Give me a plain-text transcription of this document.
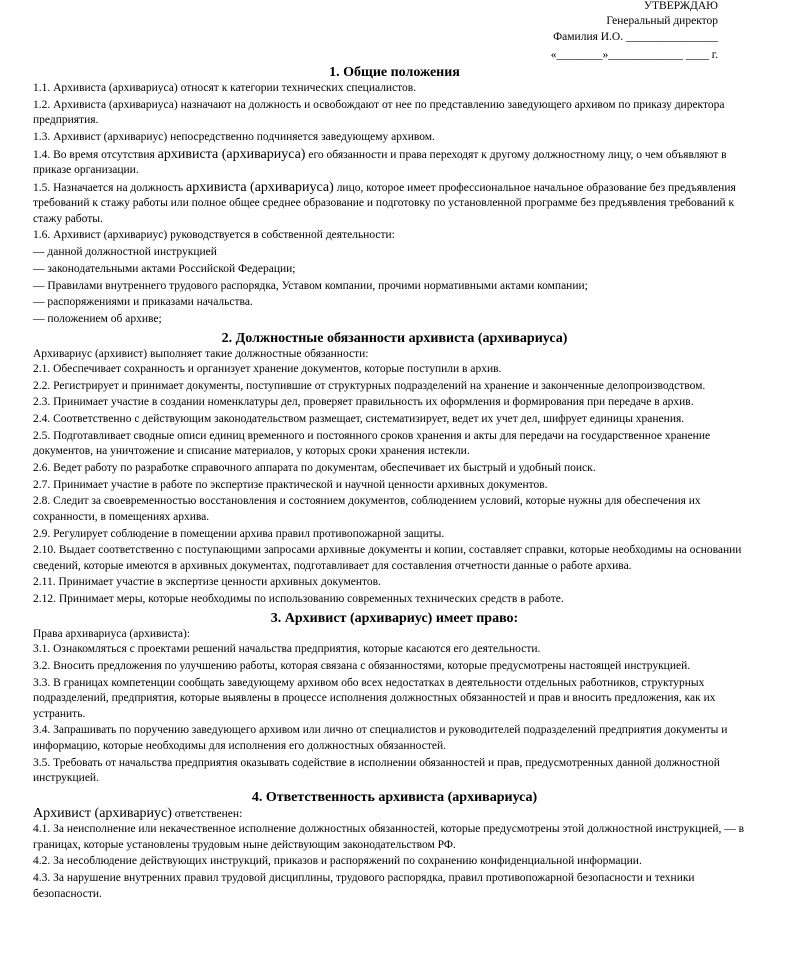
УТВЕРЖДАЮ
Генеральный директор
Фамилия И.О. ________________
«________»_____________ ____ г.
1. Общие положения

1.1. Архивиста (архивариуса) относят к категории технических специалистов.

1.2. Архивиста (архивариуса) назначают на должность и освобождают от нее по представлению заведующего архивом по приказу директора предприятия.

1.3. Архивист (архивариус) непосредственно подчиняется заведующему архивом.

1.4. Во время отсутствия архивиста (архивариуса) его обязанности и права переходят к другому должностному лицу, о чем объявляют в приказе организации.

1.5. Назначается на должность архивиста (архивариуса) лицо, которое имеет профессиональное начальное образование без предъявления требований к стажу работы или полное общее среднее образование и подготовку по установленной программе без предъявления требований к стажу работы.

1.6. Архивист (архивариус) руководствуется в собственной деятельности:

— данной должностной инструкцией

— законодательными актами Российской Федерации;

— Правилами внутреннего трудового распорядка, Уставом компании, прочими нормативными актами компании;

— распоряжениями и приказами начальства.

— положением об архиве;

2. Должностные обязанности архивиста (архивариуса)

Архивариус (архивист) выполняет такие должностные обязанности:

2.1. Обеспечивает сохранность и организует хранение документов, которые поступили в архив.

2.2. Регистрирует и принимает документы, поступившие от структурных подразделений на хранение и законченные делопроизводством.

2.3. Принимает участие в создании номенклатуры дел, проверяет правильность их оформления и формирования при передаче в архив.

2.4. Соответственно с действующим законодательством размещает, систематизирует, ведет их учет дел, шифрует единицы хранения.

2.5. Подготавливает сводные описи единиц временного и постоянного сроков хранения и акты для передачи на государственное хранение документов, на уничтожение и списание материалов, у которых сроки хранения истекли.

2.6. Ведет работу по разработке справочного аппарата по документам, обеспечивает их быстрый и удобный поиск.

2.7. Принимает участие в работе по экспертизе практической и научной ценности архивных документов.

2.8. Следит за своевременностью восстановления и состоянием документов, соблюдением условий, которые нужны для обеспечения их сохранности, в помещениях архива.

2.9. Регулирует соблюдение в помещении архива правил противопожарной защиты.

2.10. Выдает соответственно с поступающими запросами архивные документы и копии, составляет справки, которые необходимы на основании сведений, которые имеются в архивных документах, подготавливает для составления отчетности данные о работе архива.

2.11. Принимает участие в экспертизе ценности архивных документов.

2.12. Принимает меры, которые необходимы по использованию современных технических средств в работе.

3. Архивист (архивариус) имеет право:

Права архивариуса (архивиста):

3.1. Ознакомляться с проектами решений начальства предприятия, которые касаются его деятельности.

3.2. Вносить предложения по улучшению работы, которая связана с обязанностями, которые предусмотрены настоящей инструкцией.

3.3. В границах компетенции сообщать заведующему архивом обо всех недостатках в деятельности отдельных работников, структурных подразделений, предприятия, которые выявлены в процессе исполнения должностных обязанностей и прав и вносить предложения, как их устранить.

3.4. Запрашивать по поручению заведующего архивом или лично от специалистов и руководителей подразделений предприятия документы и информацию, которые необходимы для исполнения его должностных обязанностей.

3.5. Требовать от начальства предприятия оказывать содействие в исполнении обязанностей и прав, предусмотренных данной должностной инструкцией.

4. Ответственность архивиста (архивариуса)

Архивист (архивариус) ответственен:

4.1. За неисполнение или некачественное исполнение должностных обязанностей, которые предусмотрены этой должностной инструкцией, — в границах, которые установлены трудовым ныне действующим законодательством РФ.

4.2. За несоблюдение действующих инструкций, приказов и распоряжений по сохранению конфиденциальной информации.

4.3. За нарушение внутренних правил трудовой дисциплины, трудового распорядка, правил противопожарной безопасности и техники безопасности.
